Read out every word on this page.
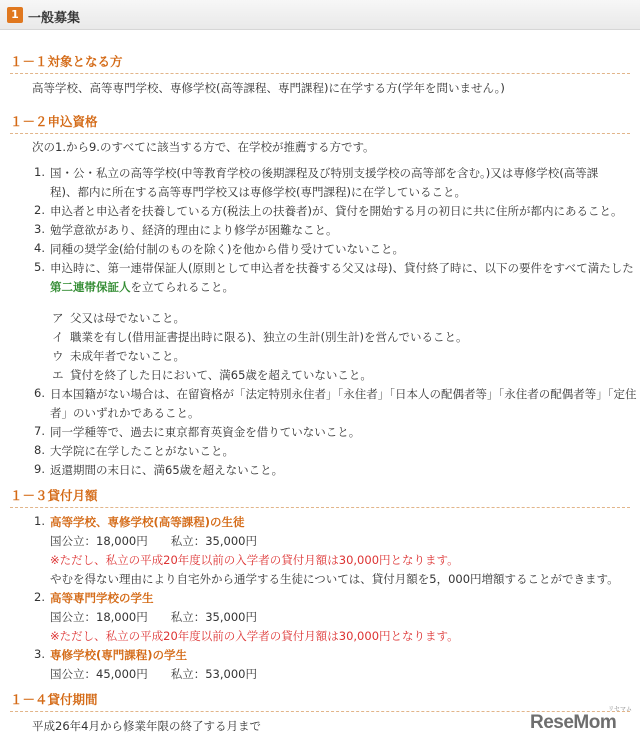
1 一般募集
１－１対象となる方
高等学校、高等専門学校、専修学校(高等課程、専門課程)に在学する方(学年を問いません。)
１－２申込資格
次の1.から9.のすべてに該当する方で、在学校が推薦する方です。
1. 国・公・私立の高等学校(中等教育学校の後期課程及び特別支援学校の高等部を含む。)又は専修学校(高等課
程)、都内に所在する高等専門学校又は専修学校(専門課程)に在学していること。
2. 申込者と申込者を扶養している方(税法上の扶養者)が、貸付を開始する月の初日に共に住所が都内にあること。
3. 勉学意欲があり、経済的理由により修学が困難なこと。
4. 同種の奨学金(給付制のものを除く)を他から借り受けていないこと。
5. 申込時に、第一連帯保証人(原則として申込者を扶養する父又は母)、貸付終了時に、以下の要件をすべて満たした
第二連帯保証人を立てられること。
ア 父又は母でないこと。
イ 職業を有し(借用証書提出時に限る)、独立の生計(別生計)を営んでいること。
ウ 未成年者でないこと。
エ 貸付を終了した日において、満65歳を超えていないこと。
6. 日本国籍がない場合は、在留資格が「法定特別永住者」「永住者」「日本人の配偶者等」「永住者の配偶者等」「定住
者」のいずれかであること。
7. 同一学種等で、過去に東京都育英資金を借りていないこと。
8. 大学院に在学したことがないこと。
9. 返還期間の末日に、満65歳を超えないこと。
１－３貸付月額
1. 高等学校、専修学校(高等課程)の生徒
国公立：18,000円　　私立：35,000円
※ただし、私立の平成20年度以前の入学者の貸付月額は30,000円となります。
やむを得ない理由により自宅外から通学する生徒については、貸付月額を5，000円増額することができます。
2. 高等専門学校の学生
国公立：18,000円　　私立：35,000円
※ただし、私立の平成20年度以前の入学者の貸付月額は30,000円となります。
3. 専修学校(専門課程)の学生
国公立：45,000円　　私立：53,000円
１－４貸付期間
平成26年4月から修業年限の終了する月まで
リセマム
ReseMom
